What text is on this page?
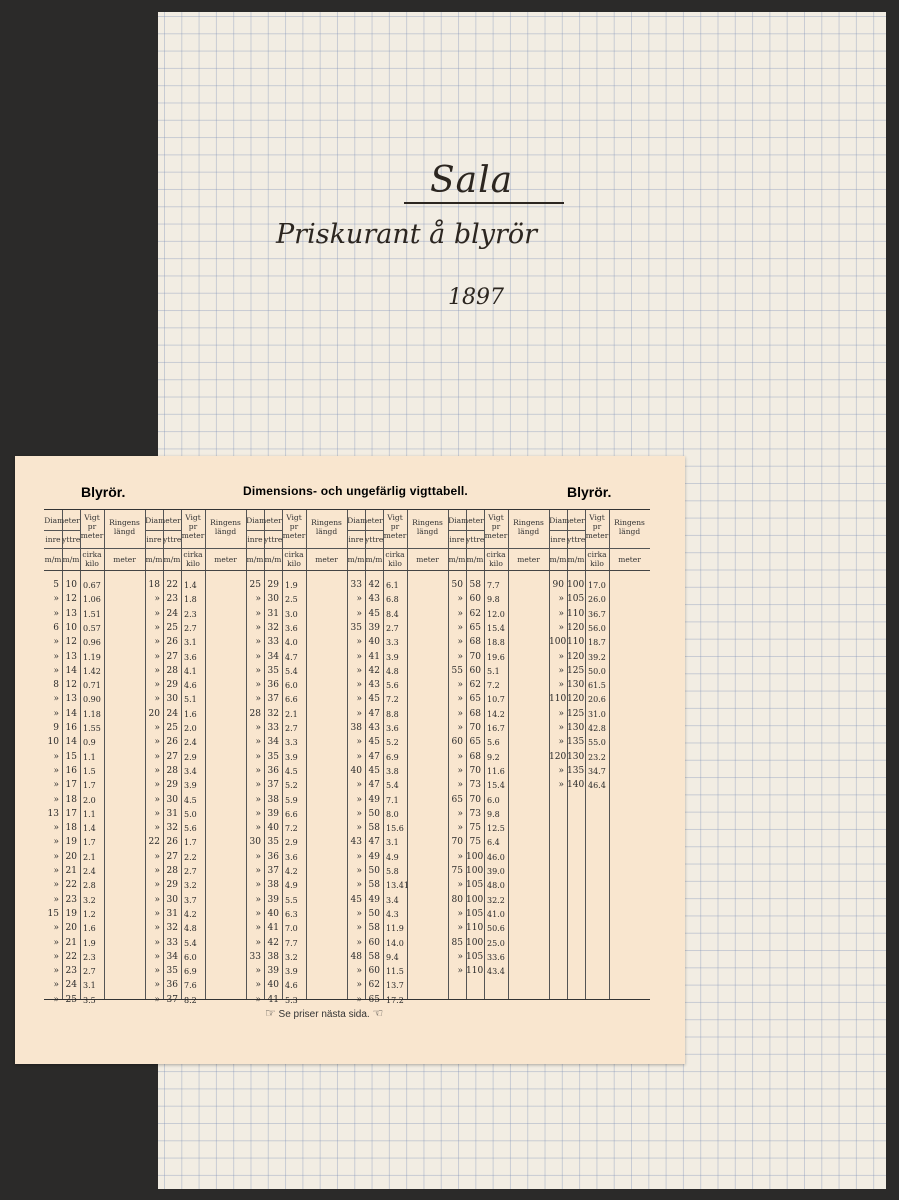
Sala
Priskurant å blyrör
1897
Blyrör.	Dimensions- och ungefärlig vigttabell.	Blyrör.
Diameter Vigt pr meter
Ringens längd
inre yttre
m/m m/m
cirka kilo	meter
5 10 0.67
» 12 1.06
» 13 1.51
6 10 0.57
» 12 0.96
» 13 1.19
» 14 1.42
8 12 0.71
» 13 0.90
» 14 1.18
9 16 1.55
10 14 0.9
» 15 1.1
» 16 1.5
» 17 1.7
» 18 2.0
13 17 1.1
» 18 1.4
» 19 1.7
» 20 2.1
» 21 2.4
» 22 2.8
» 23 3.2
15 19 1.2
» 20 1.6
» 21 1.9
» 22 2.3
» 23 2.7
» 24 3.1
» 25 3.5
Diameter Vigt pr meter
Ringens längd
inre yttre
m/m m/m
cirka kilo	meter
18 22 1.4
» 23 1.8
» 24 2.3
» 25 2.7
» 26 3.1
» 27 3.6
» 28 4.1
» 29 4.6
» 30 5.1
20 24 1.6
» 25 2.0
» 26 2.4
» 27 2.9
» 28 3.4
» 29 3.9
» 30 4.5
» 31 5.0
» 32 5.6
22 26 1.7
» 27 2.2
» 28 2.7
» 29 3.2
» 30 3.7
» 31 4.2
» 32 4.8
» 33 5.4
» 34 6.0
» 35 6.9
» 36 7.6
» 37 8.2
Diameter Vigt pr meter
Ringens längd
inre yttre
m/m m/m
cirka kilo	meter
25 29 1.9
» 30 2.5
» 31 3.0
» 32 3.6
» 33 4.0
» 34 4.7
» 35 5.4
» 36 6.0
» 37 6.6
28 32 2.1
» 33 2.7
» 34 3.3
» 35 3.9
» 36 4.5
» 37 5.2
» 38 5.9
» 39 6.6
» 40 7.2
30 35 2.9
» 36 3.6
» 37 4.2
» 38 4.9
» 39 5.5
» 40 6.3
» 41 7.0
» 42 7.7
33 38 3.2
» 39 3.9
» 40 4.6
» 41 5.3
Diameter Vigt pr meter
Ringens längd
inre yttre
m/m m/m
cirka kilo	meter
33 42 6.1
» 43 6.8
» 45 8.4
35 39 2.7
» 40 3.3
» 41 3.9
» 42 4.8
» 43 5.6
» 45 7.2
» 47 8.8
38 43 3.6
» 45 5.2
» 47 6.9
40 45 3.8
» 47 5.4
» 49 7.1
» 50 8.0
» 58 15.6
43 47 3.1
» 49 4.9
» 50 5.8
» 58 13.41
45 49 3.4
» 50 4.3
» 58 11.9
» 60 14.0
48 58 9.4
» 60 11.5
» 62 13.7
» 65 17.2
Diameter Vigt pr meter
Ringens längd
inre yttre
m/m m/m
cirka kilo	meter
50 58 7.7
» 60 9.8
» 62 12.0
» 65 15.4
» 68 18.8
» 70 19.6
55 60 5.1
» 62 7.2
» 65 10.7
» 68 14.2
» 70 16.7
60 65 5.6
» 68 9.2
» 70 11.6
» 73 15.4
65 70 6.0
» 73 9.8
» 75 12.5
70 75 6.4
» 100 46.0
75 100 39.0
» 105 48.0
80 100 32.2
» 105 41.0
» 110 50.6
85 100 25.0
» 105 33.6
» 110 43.4
Diameter Vigt pr meter
Ringens längd
inre yttre
m/m m/m
cirka kilo	meter
90 100 17.0
» 105 26.0
» 110 36.7
» 120 56.0
100 110 18.7
» 120 39.2
» 125 50.0
» 130 61.5
110 120 20.6
» 125 31.0
» 130 42.8
» 135 55.0
120 130 23.2
» 135 34.7
» 140 46.4
☞ Se priser nästa sida. ☜
